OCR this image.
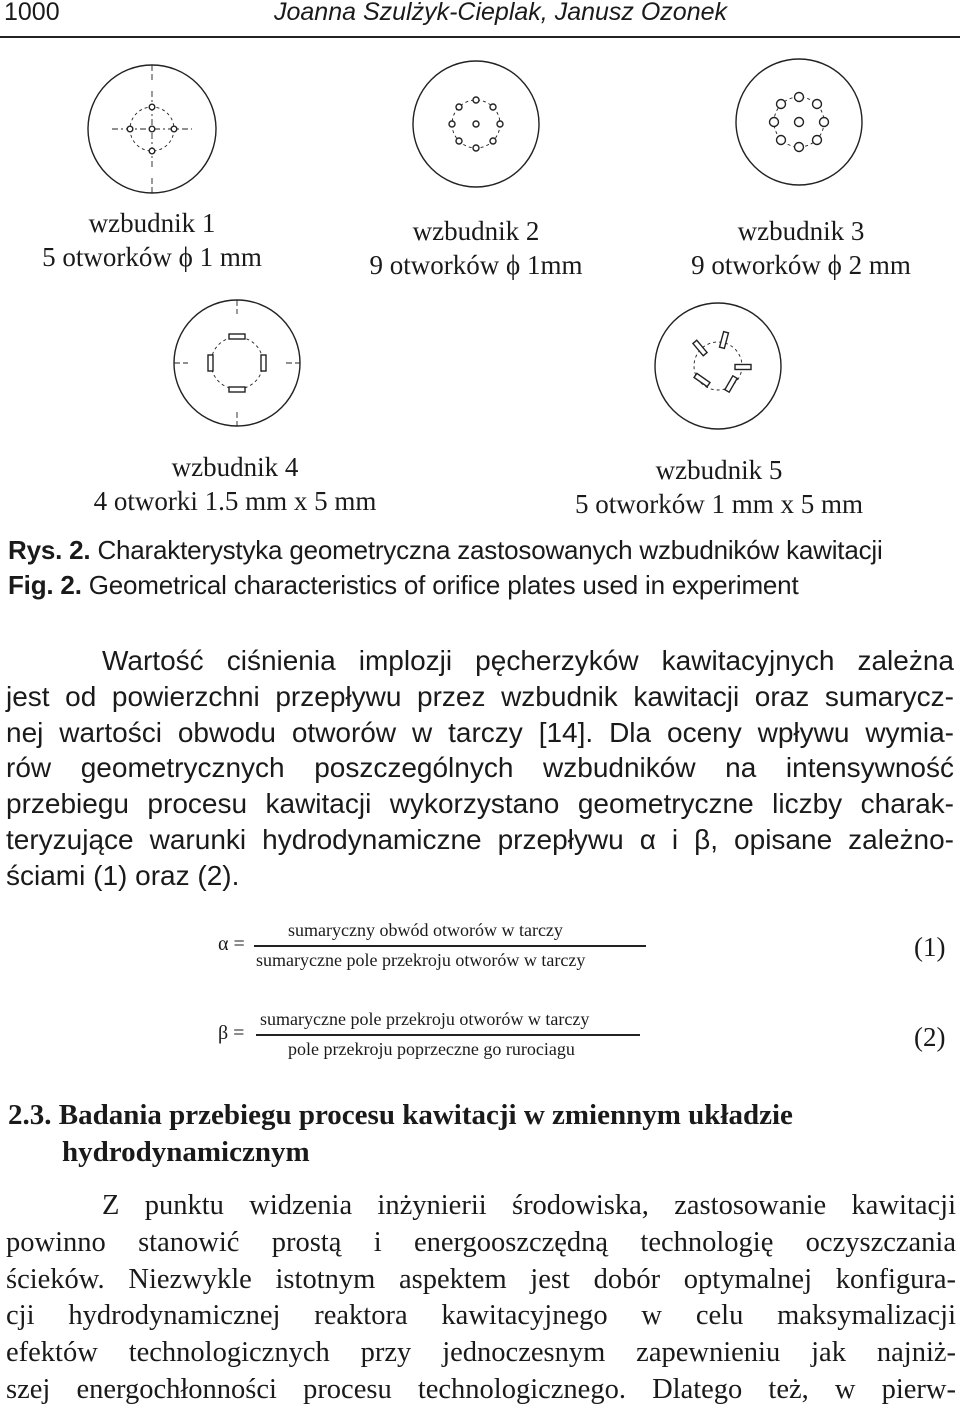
1000	Joanna Szulżyk-Cieplak, Janusz Ozonek
wzbudnik 1
5 otworków ϕ 1 mm
wzbudnik 2
9 otworków ϕ 1mm
wzbudnik 3
9 otworków ϕ 2 mm
wzbudnik 4
4 otworki 1.5 mm x 5 mm
wzbudnik 5
5 otworków 1 mm x 5 mm
Rys. 2. Charakterystyka geometryczna zastosowanych wzbudników kawitacji
Fig. 2. Geometrical characteristics of orifice plates used in experiment
Wartość ciśnienia implozji pęcherzyków kawitacyjnych zależna
jest od powierzchni przepływu przez wzbudnik kawitacji oraz sumarycz-
nej wartości obwodu otworów w tarczy [14]. Dla oceny wpływu wymia-
rów geometrycznych poszczególnych wzbudników na intensywność
przebiegu procesu kawitacji wykorzystano geometryczne liczby charak-
teryzujące warunki hydrodynamiczne przepływu α i β, opisane zależno-
ściami (1) oraz (2).
α =
sumaryczny obwód otworów w tarczy
sumaryczne pole przekroju otworów w tarczy	(1)
β =
sumaryczne pole przekroju otworów w tarczy
pole przekroju poprzeczne go rurociagu	(2)
2.3. Badania przebiegu procesu kawitacji w zmiennym układzie
hydrodynamicznym
Z punktu widzenia inżynierii środowiska, zastosowanie kawitacji
powinno stanowić prostą i energooszczędną technologię oczyszczania
ścieków. Niezwykle istotnym aspektem jest dobór optymalnej konfigura-
cji hydrodynamicznej reaktora kawitacyjnego w celu maksymalizacji
efektów technologicznych przy jednoczesnym zapewnieniu jak najniż-
szej energochłonności procesu technologicznego. Dlatego też, w pierw-
